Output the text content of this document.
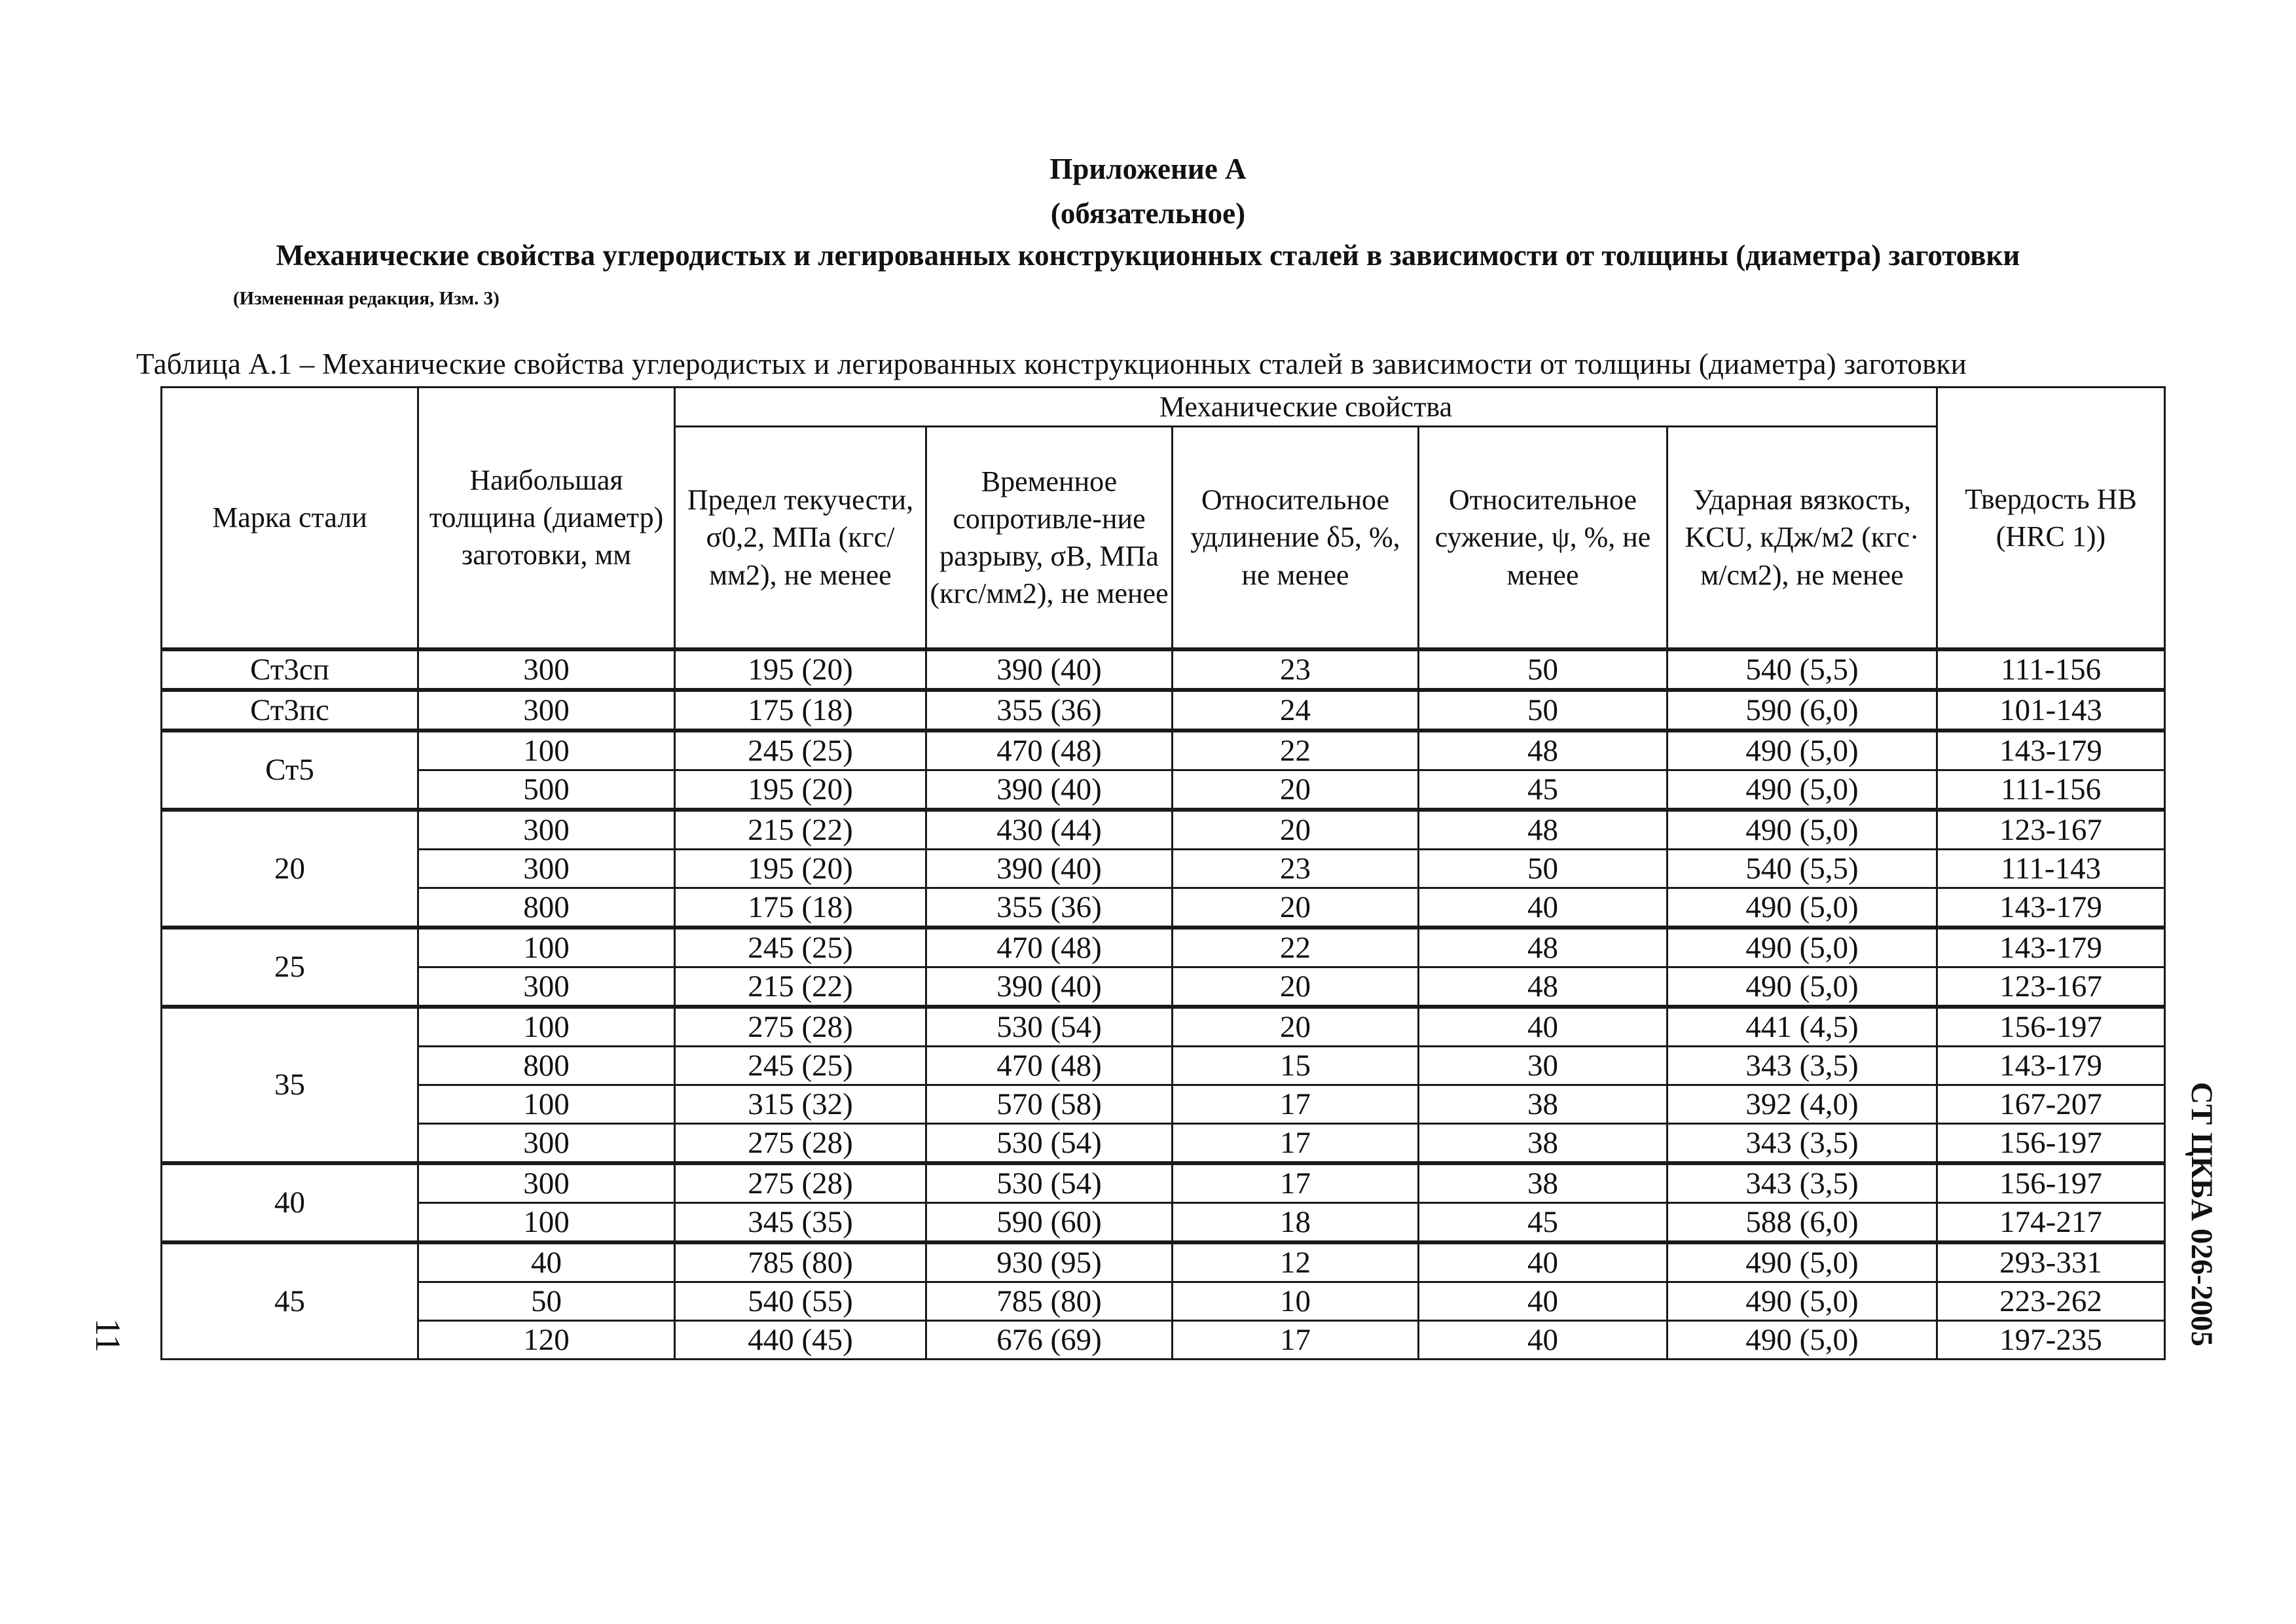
Приложение А
(обязательное)
Механические свойства углеродистых и легированных конструкционных сталей в зависимости от толщины (диаметра) заготовки
(Измененная редакция, Изм. 3)
Таблица А.1 – Механические свойства углеродистых и легированных конструкционных сталей в зависимости от толщины (диаметра) заготовки
Марка стали	Наибольшая толщина (диаметр) заготовки, мм	Механические свойства					Твердость НВ (HRC 1))
		Предел текучести, σ0,2, МПа (кгс/мм2), не менее	Временное сопротивле-ние разрыву, σВ, МПа (кгс/мм2), не менее	Относительное удлинение δ5, %, не менее	Относительное сужение, ψ, %, не менее	Ударная вязкость, KCU, кДж/м2 (кгс· м/см2), не менее	
Ст3сп	300	195 (20)	390 (40)	23	50	540 (5,5)	111-156
Ст3пс	300	175 (18)	355 (36)	24	50	590 (6,0)	101-143
Ст5	100	245 (25)	470 (48)	22	48	490 (5,0)	143-179
	500	195 (20)	390 (40)	20	45	490 (5,0)	111-156
20	300	215 (22)	430 (44)	20	48	490 (5,0)	123-167
	300	195 (20)	390 (40)	23	50	540 (5,5)	111-143
	800	175 (18)	355 (36)	20	40	490 (5,0)	143-179
25	100	245 (25)	470 (48)	22	48	490 (5,0)	143-179
	300	215 (22)	390 (40)	20	48	490 (5,0)	123-167
35	100	275 (28)	530 (54)	20	40	441 (4,5)	156-197
	800	245 (25)	470 (48)	15	30	343 (3,5)	143-179
	100	315 (32)	570 (58)	17	38	392 (4,0)	167-207
	300	275 (28)	530 (54)	17	38	343 (3,5)	156-197
40	300	275 (28)	530 (54)	17	38	343 (3,5)	156-197
	100	345 (35)	590 (60)	18	45	588 (6,0)	174-217
45	40	785 (80)	930 (95)	12	40	490 (5,0)	293-331
	50	540 (55)	785 (80)	10	40	490 (5,0)	223-262
	120	440 (45)	676 (69)	17	40	490 (5,0)	197-235	СТ ЦКБА 026-2005
11
